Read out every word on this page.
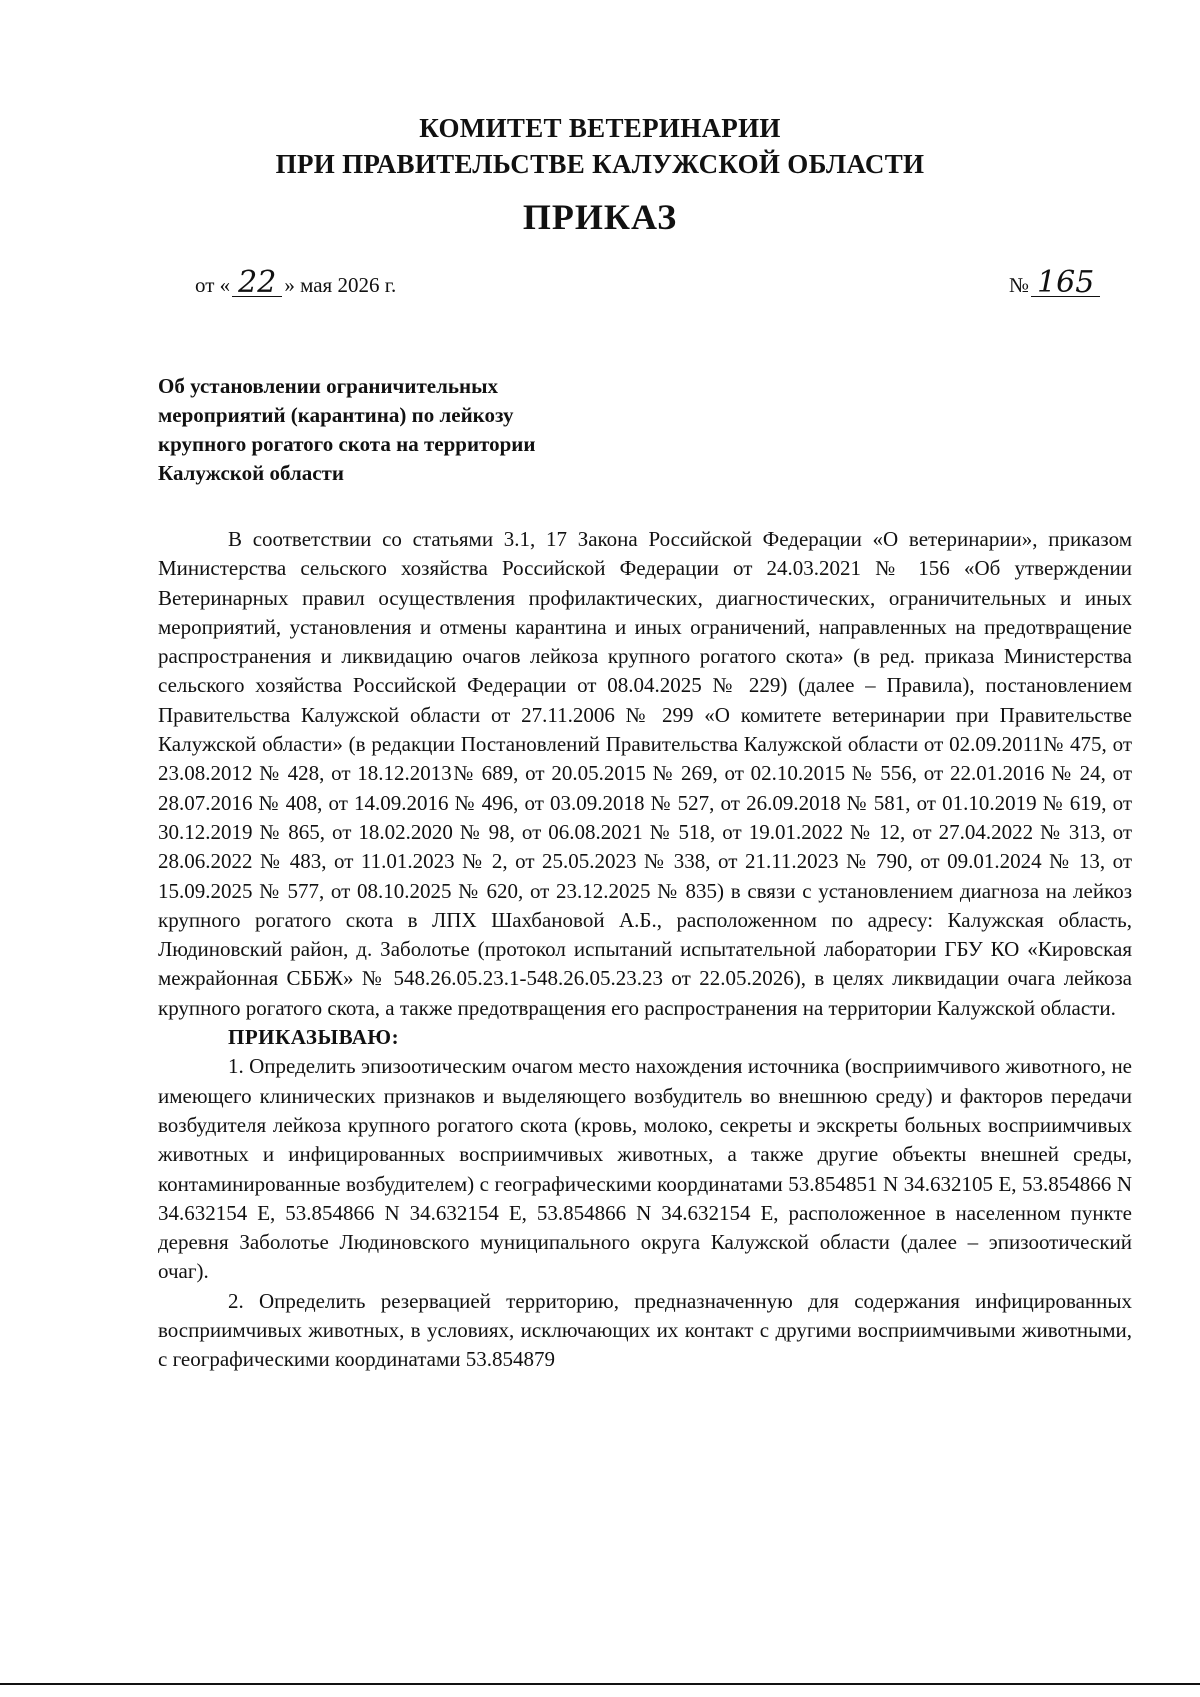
КОМИТЕТ ВЕТЕРИНАРИИ
ПРИ ПРАВИТЕЛЬСТВЕ КАЛУЖСКОЙ ОБЛАСТИ
ПРИКАЗ
от « 22 » мая 2026 г.	№ 165
Об установлении ограничительных
мероприятий (карантина) по лейкозу
крупного рогатого скота на территории
Калужской области

В соответствии со статьями 3.1, 17 Закона Российской Федерации «О ветеринарии», приказом Министерства сельского хозяйства Российской Федерации от 24.03.2021 № 156 «Об утверждении Ветеринарных правил осуществления профилактических, диагностических, ограничительных и иных мероприятий, установления и отмены карантина и иных ограничений, направленных на предотвращение распространения и ликвидацию очагов лейкоза крупного рогатого скота» (в ред. приказа Министерства сельского хозяйства Российской Федерации от 08.04.2025 № 229) (далее – Правила), постановлением Правительства Калужской области от 27.11.2006 № 299 «О комитете ветеринарии при Правительстве Калужской области» (в редакции Постановлений Правительства Калужской области от 02.09.2011№ 475, от 23.08.2012 № 428, от 18.12.2013№ 689, от 20.05.2015 № 269, от 02.10.2015 № 556, от 22.01.2016 № 24, от 28.07.2016 № 408, от 14.09.2016 № 496, от 03.09.2018 № 527, от 26.09.2018 № 581, от 01.10.2019 № 619, от 30.12.2019 № 865, от 18.02.2020 № 98, от 06.08.2021 № 518, от 19.01.2022 № 12, от 27.04.2022 № 313, от 28.06.2022 № 483, от 11.01.2023 № 2, от 25.05.2023 № 338, от 21.11.2023 № 790, от 09.01.2024 № 13, от 15.09.2025 № 577, от 08.10.2025 № 620, от 23.12.2025 № 835) в связи с установлением диагноза на лейкоз крупного рогатого скота в ЛПХ Шахбановой А.Б., расположенном по адресу: Калужская область, Людиновский район, д. Заболотье (протокол испытаний испытательной лаборатории ГБУ КО «Кировская межрайонная СББЖ» № 548.26.05.23.1-548.26.05.23.23 от 22.05.2026), в целях ликвидации очага лейкоза крупного рогатого скота, а также предотвращения его распространения на территории Калужской области.

ПРИКАЗЫВАЮ:

1. Определить эпизоотическим очагом место нахождения источника (восприимчивого животного, не имеющего клинических признаков и выделяющего возбудитель во внешнюю среду) и факторов передачи возбудителя лейкоза крупного рогатого скота (кровь, молоко, секреты и экскреты больных восприимчивых животных и инфицированных восприимчивых животных, а также другие объекты внешней среды, контаминированные возбудителем) с географическими координатами 53.854851 N 34.632105 E, 53.854866 N 34.632154 E, 53.854866 N 34.632154 E, 53.854866 N 34.632154 E, расположенное в населенном пункте деревня Заболотье Людиновского муниципального округа Калужской области (далее – эпизоотический очаг).

2. Определить резервацией территорию, предназначенную для содержания инфицированных восприимчивых животных, в условиях, исключающих их контакт с другими восприимчивыми животными, с географическими координатами 53.854879
